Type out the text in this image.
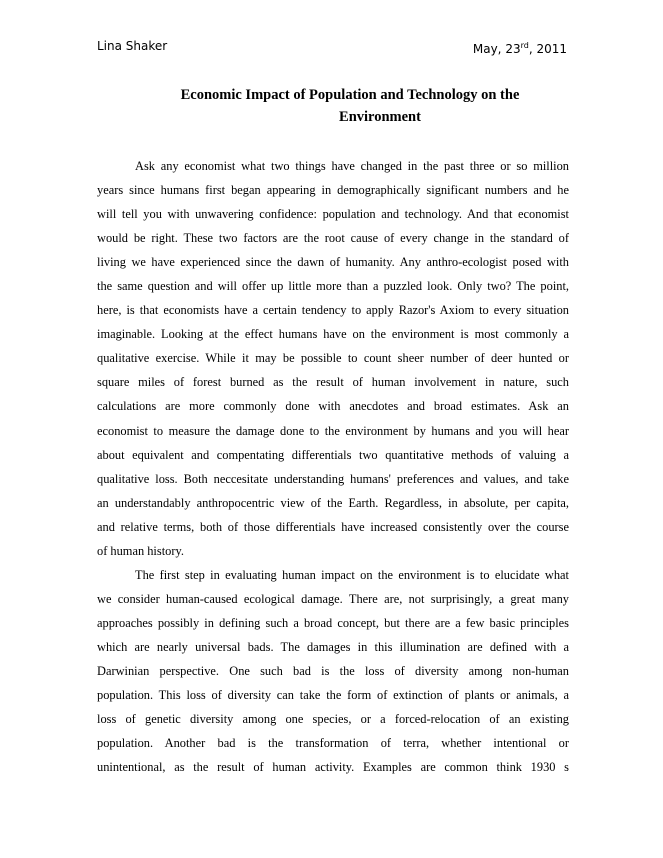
Lina Shaker	May, 23rd, 2011
Economic Impact of Population and Technology on the
Environment
Ask any economist what two things have changed in the past three or so million
years since humans first began appearing in demographically significant numbers and he
will tell you with unwavering confidence: population and technology. And that economist
would be right. These two factors are the root cause of every change in the standard of
living we have experienced since the dawn of humanity. Any anthro-ecologist posed with
the same question and will offer up little more than a puzzled look. Only two? The point,
here, is that economists have a certain tendency to apply Razor's Axiom to every situation
imaginable. Looking at the effect humans have on the environment is most commonly a
qualitative exercise. While it may be possible to count sheer number of deer hunted or
square miles of forest burned as the result of human involvement in nature, such
calculations are more commonly done with anecdotes and broad estimates. Ask an
economist to measure the damage done to the environment by humans and you will hear
about equivalent and compentating differentials two quantitative methods of valuing a
qualitative loss. Both neccesitate understanding humans' preferences and values, and take
an understandably anthropocentric view of the Earth. Regardless, in absolute, per capita,
and relative terms, both of those differentials have increased consistently over the course
of human history.
The first step in evaluating human impact on the environment is to elucidate what
we consider human-caused ecological damage. There are, not surprisingly, a great many
approaches possibly in defining such a broad concept, but there are a few basic principles
which are nearly universal bads. The damages in this illumination are defined with a
Darwinian perspective. One such bad is the loss of diversity among non-human
population. This loss of diversity can take the form of extinction of plants or animals, a
loss of genetic diversity among one species, or a forced-relocation of an existing
population. Another bad is the transformation of terra, whether intentional or
unintentional, as the result of human activity. Examples are common think 1930 s
